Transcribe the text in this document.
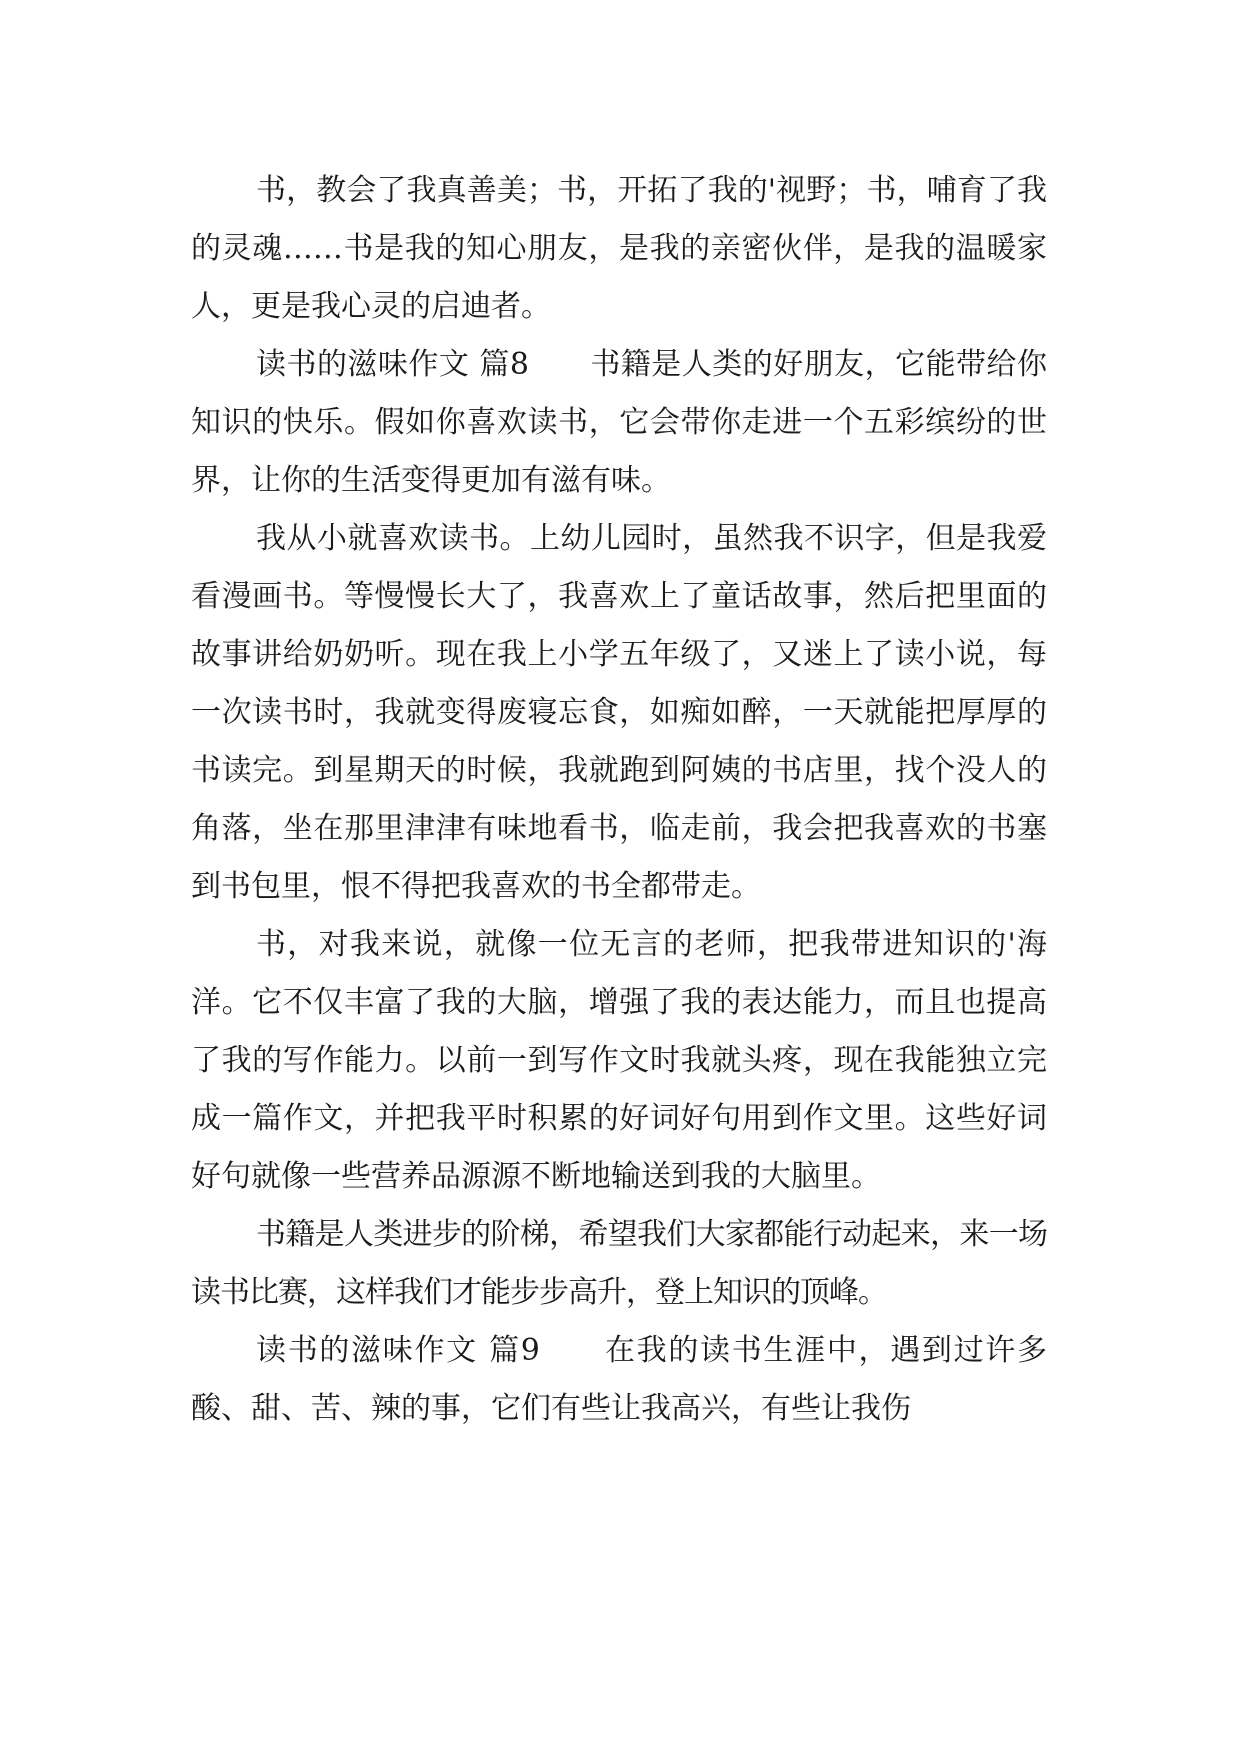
书，教会了我真善美；书，开拓了我的'视野；书，哺育了我的灵魂……书是我的知心朋友，是我的亲密伙伴，是我的温暖家人，更是我心灵的启迪者。

读书的滋味作文 篇8　　书籍是人类的好朋友，它能带给你知识的快乐。假如你喜欢读书，它会带你走进一个五彩缤纷的世界，让你的生活变得更加有滋有味。

我从小就喜欢读书。上幼儿园时，虽然我不识字，但是我爱看漫画书。等慢慢长大了，我喜欢上了童话故事，然后把里面的故事讲给奶奶听。现在我上小学五年级了，又迷上了读小说，每一次读书时，我就变得废寝忘食，如痴如醉，一天就能把厚厚的书读完。到星期天的时候，我就跑到阿姨的书店里，找个没人的角落，坐在那里津津有味地看书，临走前，我会把我喜欢的书塞到书包里，恨不得把我喜欢的书全都带走。

书，对我来说，就像一位无言的老师，把我带进知识的'海洋。它不仅丰富了我的大脑，增强了我的表达能力，而且也提高了我的写作能力。以前一到写作文时我就头疼，现在我能独立完成一篇作文，并把我平时积累的好词好句用到作文里。这些好词好句就像一些营养品源源不断地输送到我的大脑里。

书籍是人类进步的阶梯，希望我们大家都能行动起来，来一场读书比赛，这样我们才能步步高升，登上知识的顶峰。

读书的滋味作文 篇9　　在我的读书生涯中，遇到过许多酸、甜、苦、辣的事，它们有些让我高兴，有些让我伤
